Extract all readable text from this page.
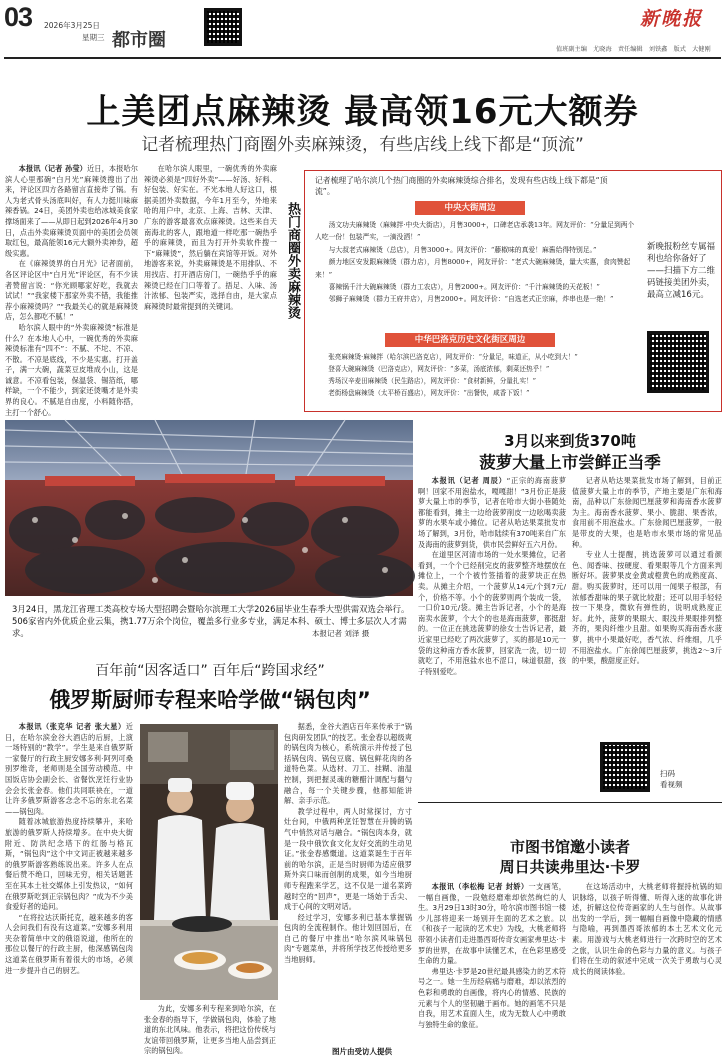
03 2026年3月25日
星期三 都市圈
新晚报
值班副主编　尤晓海　责任编辑　刘铁鑫　版式　大健刚
上美团点麻辣烫 最高领16元大额券
记者梳理热门商圈外卖麻辣烫，有些店线上线下都是“顶流”

本报讯（记者 孙莹）近日，本报哈尔滨人心里那碗“白月光”麻辣烫搜出了出来，评论区四方各路留言直接炸了锅。有人为老式骨头汤底叫好，有人力挺川味麻辣香锅。24日，美团外卖也给冰城美食家撑场面来了——从即日起到2026年4月30日，点击外卖麻辣烫页面中的美团会员领取红包，最高能领16元大额外卖神券，超级实惠。

在《麻辣烫界的白月光》记者面前，各区评论区中“白月光”评论区，有不少读者赞留言说：“你光顾哪家好吃，我就去试试！”“我家楼下那家外卖不错，我能推荐小麻辣烫吗？”“我最关心的就是麻辣烫店，怎么都吃不腻！”

哈尔滨人眼中的“外卖麻辣烫”标准是什么？在本地人心中，一碗优秀的外卖麻辣烫标准有“四不”：不腻、不坨、不凉、不散。不凉是底线，不少是实惠。打开盖子，满一大碗，蔬菜豆皮堆成小山，这是诚意。不凉看包装，保温袋、锡箔纸，哪样缺，一个不能少，到家还烫嘴才是外卖界的良心。不腻是自由度，小料随你搭，主打一个舒心。

在哈尔滨人眼里，一碗优秀的外卖麻辣烫必须是“四好外卖”——好汤、好料、好包装、好实在。不光本地人好这口，根据美团外卖数据，今年1月至今，外地来哈的用户中，北京、上海、吉林、天津、广东的游客最喜欢点麻辣烫。这些来自天南海北的客人，跟地道一样吃那一碗热乎乎的麻辣烫，而且为打开外卖软件搜一下“麻辣烫”，然后躺在宾馆等开饭。对外地游客来说，外卖麻辣烫是不用排队、不用找店、打开酒店房门，一碗热乎乎的麻辣烫已经在门口等着了。捂足、入味、汤汁浓郁、包装严实，选择自由，是大家点麻辣烫时最常提到的关键词。	热门商圈外卖麻辣烫
记者梳理了哈尔滨几个热门商圈的外卖麻辣烫综合排名，发现有些店线上线下都是“顶流”。
中央大街周边
汤文功夫麻辣烫（麻辣拌·中央大街店），月售3000+，口碑老店承袭13年。网友评价：“分量足到两个人吃一份！包装严实，一滴没洒！”
与大叔老式麻辣烫（总店），月售3000+。网友评价：“藤椒味的真爱！麻酱给得特别足。”
颜力地区安发跟麻辣烫（群力店），月售8000+，网友评价：“老式大碗麻辣烫，量大实惠，食肉赞起来！”
喜辣锅千汁大碗麻辣烫（群力工农店），月售2000+。网友评价：“千汁麻辣烫的天花板！”
邻狮子麻辣烫（群力王府井店），月售2000+。网友评价：“自选老式正宗麻，炸串也是一绝！”
中华巴洛克历史文化街区周边
张亮麻辣烫·麻辣拌（哈尔滨巴洛克店），网友评价：“分量足，味道正，从小吃到大！”
登喜大碗麻辣烫（巴洛克店），网友评价：“多菜，汤底浓郁，剩菜还热乎！”
秀场汉辛麦田麻辣烫（民生路店），网友评价：“食材新鲜，分量扎实！”
老街杨盘麻辣烫（太平桥百盛店），网友评价：“出餐快，咸香下饭！”
新晚报粉丝专属福利也给你备好了——扫描下方二维码链接美团外卖，最高立减16元。
3月24日，黑龙江省理工类高校专场大型招聘会暨哈尔滨理工大学2026届毕业生春季大型供需双选会举行。506家省内外优质企业云集，携1.77万余个岗位，覆盖多行业多专业，满足本科、硕士、博士多层次人才需求。	本报记者 刘泽 摄
3月以来到货370吨
菠萝大量上市尝鲜正当季

本报讯（记者 周辰）“正宗的海南菠萝啊！回家不用泡盐水，嘎嘎甜！”3月份正是菠萝大量上市的季节，记者在哈市大街小巷随处都能看到，摊主一边给菠萝削皮一边吆喝卖菠萝的水果车或小摊位。记者从哈达果菜批发市场了解到，3月份，哈市陆续有370吨来自广东及海南的菠萝到货，供市民尝鲜好五六月份。

在道里区河清市场的一处水果摊位，记者看到，一个个已经削完皮的菠萝整齐地摆放在摊位上，一个个被竹签插着的菠萝块正在热卖。从摊主介绍，一个菠萝从14元/个到7元/个，价格不等。小个的菠萝则两个装成一袋，一口价10元/袋。摊主告诉记者，小个的是海南卖水菠萝，个大个的也是海南菠萝，都挺甜的。一位正在挑选菠萝的徐女士告诉记者，最近家里已经吃了两次菠萝了，买的都是10元一袋的这种南方香水菠萝，回家洗一洗，切一切就吃了，不用泡盐水也不涩口，味道很甜，孩子特别爱吃。

记者从哈达果菜批发市场了解到，目前正值菠萝大量上市的季节，产地主要是广东和海南，品种以广东徐闻巴厘菠萝和海南香水菠萝为主。海南香水菠萝、果小、脆甜、果香浓，食用前不用泡盐水。广东徐闻巴厘菠萝，一般是带皮的大果，也是哈市水果市场的常见品种。

专业人士提醒，挑选菠萝可以通过看颜色、闻香味、按硬度、看果眼等几个方面来判断好坏。菠萝果皮金黄或橙黄色的成熟度高、甜。购买菠萝时，还可以用一闻果子根部，有浓郁香甜味的果子就比较甜；还可以用手轻轻按一下果身，微软有弹性的，说明成熟度正好。此外，菠萝的果眼大、眼浅并果眼排列整齐的，果肉纤维少且甜。如果购买海南香水菠萝，挑中小果最好吃，香气浓、纤维细，几乎不用泡盐水。广东徐闻巴厘菠萝，挑选2～3斤的中果，酸甜度正好。

扫码
看视频
百年前“因客适口” 百年后“跨国求经”
俄罗斯厨师专程来哈学做“锅包肉”

本报讯（张克华 记者 张大星）近日，在哈尔滨金谷大酒店的后厨，上演一场特别的“教学”。学生是来自俄罗斯一家餐厅的行政主厨安娜多利·阿列可桑别罗维奇，老师则是全国劳动模范、中国饭店协会副会长、省餐饮烹饪行业协会会长张金春。他们共同联袂在，一道让许多俄罗斯游客念念不忘的东北名菜——锅包肉。

随着冰城旅游热度持续攀升，来哈旅游的俄罗斯人持续增多。在中央大街附近、防洪纪念塔下的红肠与格瓦斯，“锅包肉”这个中文词正被越来越多的俄罗斯游客熟练说出来。许多人在点餐后赞不绝口，回味无穷，相关话题甚至在其本土社交媒体上引发热议，“如何在俄罗斯吃到正宗锅包肉？”成为不少美食爱好者的追问。

“在将拉达沃斯托克，越来越多的客人会问我们有没有这道菜。”安娜多利用夹杂着简单中文的俄语说道，他所在的那位以餐厅的行政主厨，他深感锅包肉这道菜在俄罗斯有着很大的市场，必须进一步提升自己的厨艺。

为此，安娜多利专程来到哈尔滨，在张金春的指导下，学做锅包肉，体验了地道的东北风味。他表示，将把这份传统与友谊带回俄罗斯，让更多当地人品尝到正宗的锅包肉。

据悉，金谷大酒店百年来传承于“锅包肉研发团队”的技艺。张金春以超级爽的锅包肉为核心，系统演示并传授了包括锅包肉、锅包豆腐、锅包鲜花肉的各道特色菜。从选材、刀工、挂糊、油温控制，到把握灵魂的糖醋汁调配与翻勺融合，每一个关键步骤，他都知能讲解、亲手示范。

教学过程中，两人时常探讨，方寸灶台间，中俄两种烹饪智慧在升腾的锅气中悄然对话与融合。“锅包肉本身，就是一段中俄饮食文化友好交流的生动见证。”张金春感慨道。这道菜诞生于百年前的哈尔滨，正是当时厨师为适应俄罗斯外宾口味而创制的成果，如今当地厨师专程跑来学艺，这不仅是一道名菜跨越时空的“回声”，更是一场始于舌尖、成于心间的文明对话。

经过学习，安娜多利已基本掌握锅包肉的全流程制作。他计划回国后，在自己的餐厅中推出“哈尔滨风味锅包肉”专题菜单，并将所学技艺传授给更多当地厨师。

图片由受访人提供
市图书馆邀小读者
周日共读弗里达·卡罗

本报讯（李松梅 记者 封娇）一支画笔，一幅自画像，一段勉经磨难却依然绚烂的人生。3月29日13时30分，哈尔滨市图书馆一楼少儿部将迎来一场别开生面的艺术之旅。以《和孩子一起读的艺术史》为线，大桃老师将带领小读者们走进墨西哥传奇女画家弗里达·卡罗的世界，在故事中读懂艺术，在色彩里感受生命的力量。

弗里达·卡罗是20世纪最具感染力的艺术符号之一。她一生历经病痛与磨难，却以浓烈的色彩和勇敢的自画像，将内心的情感、民族的元素与个人的坚韧融于画布。她的画笔不只是自我，用艺术直面人生，成为无数人心中勇敢与独特生命的象征。

在这场活动中，大桃老师将握持杭锅的知识脉络，以孩子听得懂、听得入迷的故事化讲述，折解这位传奇画家的人生与创作。从故事出发的一学后，到一幅幅自画像中隐藏的情感与隐喻，再到墨西哥浓郁的本土艺术文化元素。用游戏与大桃老师进行一次跨时空的艺术之旅，认识生命的色彩与力量的意义。与孩子们将在生动的叙述中完成一次关于勇敢与心灵成长的阅读体验。
